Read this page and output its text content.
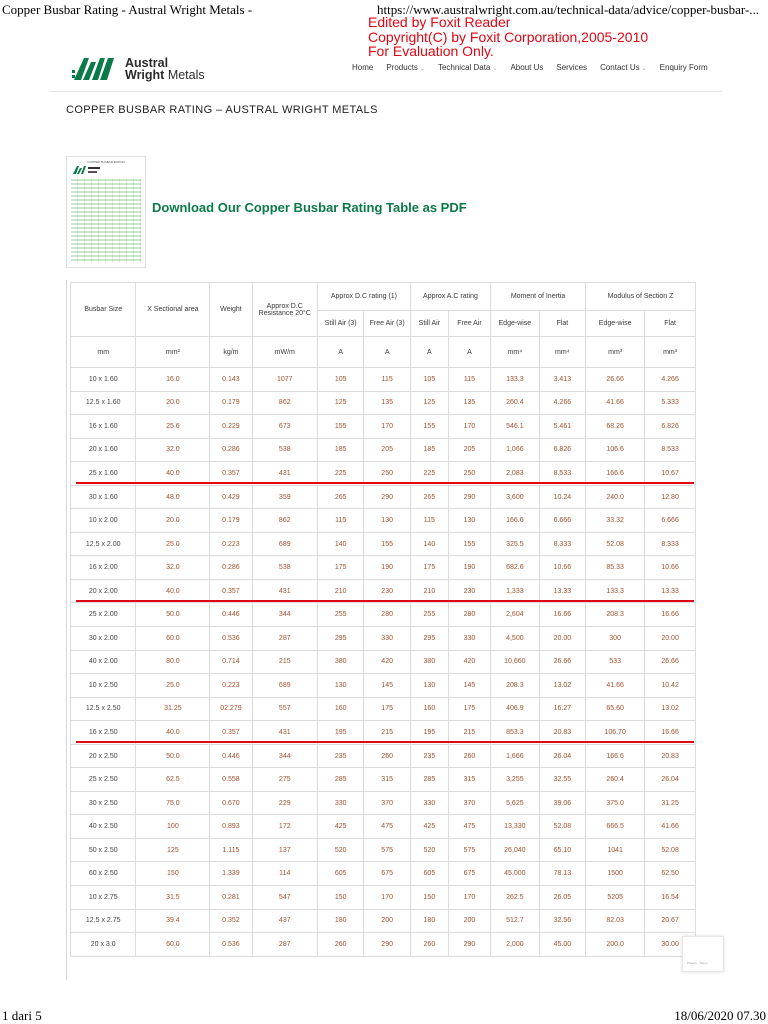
Copper Busbar Rating - Austral Wright Metals -	https://www.australwright.com.au/technical-data/advice/copper-busbar-...
Edited by Foxit Reader
Copyright(C) by Foxit Corporation,2005-2010
For Evaluation Only.
Austral
Wright Metals
Home Products ⌄ Technical Data ⌄ About Us Services Contact Us ⌄ Enquiry Form
COPPER BUSBAR RATING – AUSTRAL WRIGHT METALS
COPPER BUSBAR RATING
Download Our Copper Busbar Rating Table as PDF
Busbar Size	X Sectional area	Weight	Approx D.C Resistance 20°C	Approx D.C rating (1)		Approx A.C rating		Moment of Inertia		Modulus of Section Z	
				Still Air (3)	Free Air (3)	Still Air	Free Air	Edge-wise	Flat	Edge-wise	Flat
mm	mm²	kg/m	mW/m	A	A	A	A	mm⁴	mm⁴	mm³	mm³
10 x 1.60	16.0	0.143	1077	105	115	105	115	133.3	3.413	26.66	4.266
12.5 x 1.60	20.0	0.179	862	125	135	125	135	260.4	4.266	41.66	5.333
16 x 1.60	25.6	0.229	673	155	170	155	170	546.1	5.461	68.26	6.826
20 x 1.60	32.0	0.286	538	185	205	185	205	1,066	6.826	106.6	8.533
25 x 1.60	40.0	0.357	431	225	250	225	250	2,083	8.533	166.6	10.67
30 x 1.60	48.0	0.429	359	265	290	265	290	3,600	10.24	240.0	12.80
10 x 2.00	20.0	0.179	862	115	130	115	130	166.6	6.666	33.32	6.666
12.5 x 2.00	25.0	0.223	689	140	155	140	155	325.5	8.333	52.08	8.333
16 x 2.00	32.0	0.286	538	175	190	175	190	682.6	10.66	85.33	10.66
20 x 2.00	40.0	0.357	431	210	230	210	230	1,333	13.33	133.3	13.33
25 x 2.00	50.0	0.446	344	255	280	255	280	2,604	16.66	208.3	16.66
30 x 2.00	60.0	0.536	287	295	330	295	330	4,500	20.00	300	20.00
40 x 2.00	80.0	0.714	215	380	420	380	420	10,660	26.66	533	26.66
10 x 2.50	25.0	0.223	689	130	145	130	145	208.3	13.02	41.66	10.42
12.5 x 2.50	31.25	02.279	557	160	175	160	175	406.9	16.27	65.60	13.02
16 x 2.50	40.0	0.357	431	195	215	195	215	853.3	20.83	106.70	16.66
20 x 2.50	50.0	0.446	344	235	260	235	260	1,666	26.04	166.6	20.83
25 x 2.50	62.5	0.558	275	285	315	285	315	3,255	32.55	260.4	26.04
30 x 2.50	75.0	0.670	229	330	370	330	370	5,625	39.06	375.0	31.25
40 x 2.50	100	0.893	172	425	475	425	475	13,330	52.08	666.5	41.66
50 x 2.50	125	1.115	137	520	575	520	575	26,040	65.10	1041	52.08
60 x 2.50	150	1.339	114	605	675	605	675	45,000	78.13	1500	62.50
10 x 2.75	31.5	0.281	547	150	170	150	170	262.5	26.05	5205	16.54
12.5 x 2.75	39.4	0.352	437	180	200	180	200	512.7	32.56	82.03	20.67
20 x 3.0	60.0	0.536	287	260	290	260	290	2,000	45.00	200.0	30.00
Privacy · Terms
1 dari 5	18/06/2020 07.30
